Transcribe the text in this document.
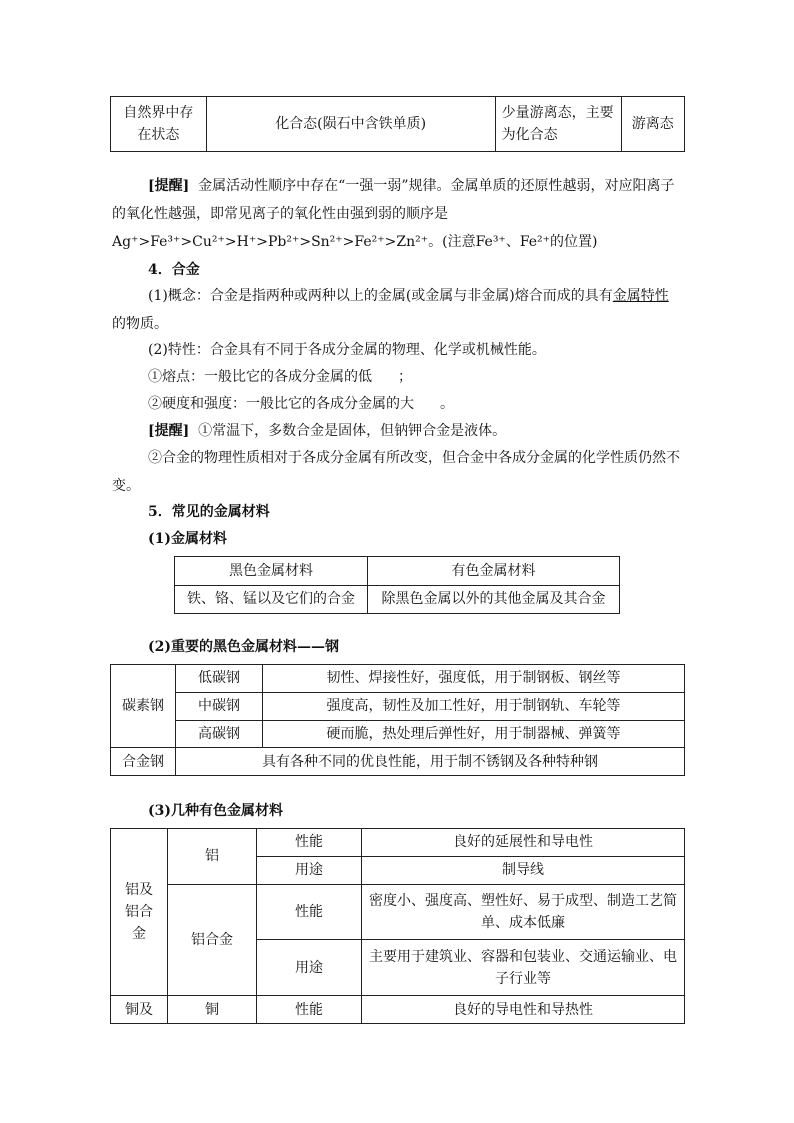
自然界中存在状态	化合态(陨石中含铁单质)	少量游离态，主要为化合态	游离态

[提醒] 金属活动性顺序中存在“一强一弱”规律。金属单质的还原性越弱，对应阳离子的氧化性越强，即常见离子的氧化性由强到弱的顺序是Ag⁺>Fe³⁺>Cu²⁺>H⁺>Pb²⁺>Sn²⁺>Fe²⁺>Zn²⁺。(注意Fe³⁺、Fe²⁺的位置)

4．合金

(1)概念：合金是指两种或两种以上的金属(或金属与非金属)熔合而成的具有金属特性的物质。

(2)特性：合金具有不同于各成分金属的物理、化学或机械性能。

①熔点：一般比它的各成分金属的低 ；

②硬度和强度：一般比它的各成分金属的大 。

[提醒] ①常温下，多数合金是固体，但钠钾合金是液体。

②合金的物理性质相对于各成分金属有所改变，但合金中各成分金属的化学性质仍然不变。

5．常见的金属材料

(1)金属材料

黑色金属材料	有色金属材料
铁、铬、锰以及它们的合金	除黑色金属以外的其他金属及其合金

(2)重要的黑色金属材料——钢

碳素钢	低碳钢	韧性、焊接性好，强度低，用于制钢板、钢丝等
	中碳钢	强度高，韧性及加工性好，用于制钢轨、车轮等
	高碳钢	硬而脆，热处理后弹性好，用于制器械、弹簧等
合金钢	具有各种不同的优良性能，用于制不锈钢及各种特种钢	

(3)几种有色金属材料

铝及铝合金	铝	性能	良好的延展性和导电性
		用途	制导线
	铝合金	性能	密度小、强度高、塑性好、易于成型、制造工艺简单、成本低廉
		用途	主要用于建筑业、容器和包装业、交通运输业、电子行业等
铜及	铜	性能	良好的导电性和导热性
